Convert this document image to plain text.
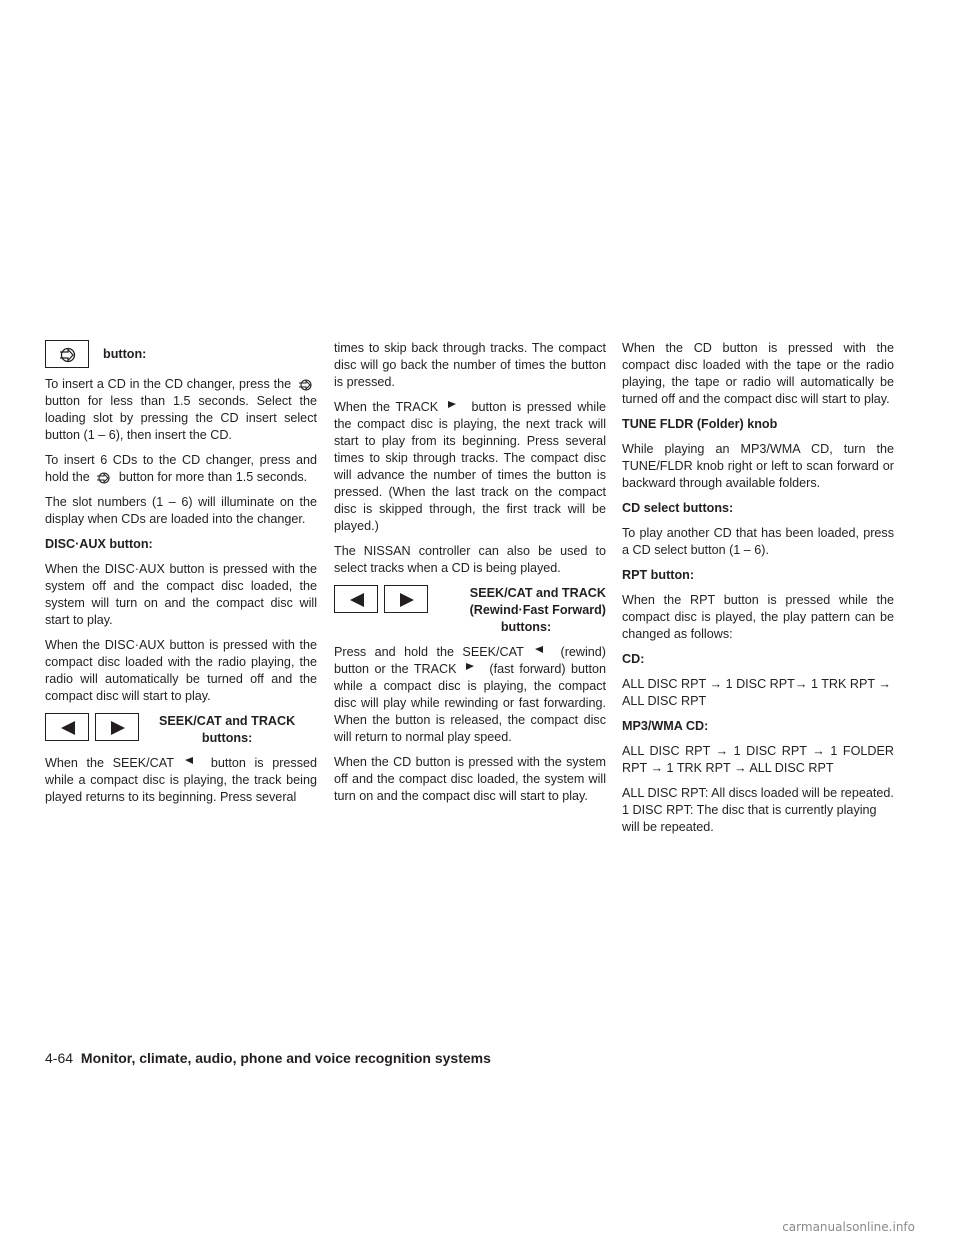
button:

To insert a CD in the CD changer, press the  button for less than 1.5 seconds. Select the loading slot by pressing the CD insert select button (1 – 6), then insert the CD.

To insert 6 CDs to the CD changer, press and hold the button for more than 1.5 seconds.

The slot numbers (1 – 6) will illuminate on the display when CDs are loaded into the changer.

DISC·AUX button:

When the DISC·AUX button is pressed with the system off and the compact disc loaded, the system will turn on and the compact disc will start to play.

When the DISC·AUX button is pressed with the compact disc loaded with the radio playing, the radio will automatically be turned off and the compact disc will start to play.

SEEK/CAT and TRACK
buttons:

When the SEEK/CAT	button is pressed while a compact disc is playing, the track being played returns to its beginning. Press several

times to skip back through tracks. The compact disc will go back the number of times the button is pressed.

When the TRACK	button is pressed while the compact disc is playing, the next track will start to play from its beginning. Press several times to skip through tracks. The compact disc will advance the number of times the button is pressed. (When the last track on the compact disc is skipped through, the first track will be played.)

The NISSAN controller can also be used to select tracks when a CD is being played.

SEEK/CAT and TRACK
(Rewind·Fast Forward)

buttons:

Press and hold the SEEK/CAT	(rewind) button or the TRACK	(fast forward) button while a compact disc is playing, the compact disc will play while rewinding or fast forwarding. When the button is released, the compact disc will return to normal play speed.

When the CD button is pressed with the system off and the compact disc loaded, the system will turn on and the compact disc will start to play.

When the CD button is pressed with the compact disc loaded with the tape or the radio playing, the tape or radio will automatically be turned off and the compact disc will start to play.

TUNE FLDR (Folder) knob

While playing an MP3/WMA CD, turn the TUNE/FLDR knob right or left to scan forward or backward through available folders.

CD select buttons:

To play another CD that has been loaded, press a CD select button (1 – 6).

RPT button:

When the RPT button is pressed while the compact disc is played, the play pattern can be changed as follows:

CD:

ALL DISC RPT → 1 DISC RPT→ 1 TRK RPT → ALL DISC RPT

MP3/WMA CD:

ALL DISC RPT → 1 DISC RPT → 1 FOLDER RPT → 1 TRK RPT → ALL DISC RPT

ALL DISC RPT: All discs loaded will be repeated. 1 DISC RPT: The disc that is currently playing will be repeated.

4-64 Monitor, climate, audio, phone and voice recognition systems
carmanualsonline.info
